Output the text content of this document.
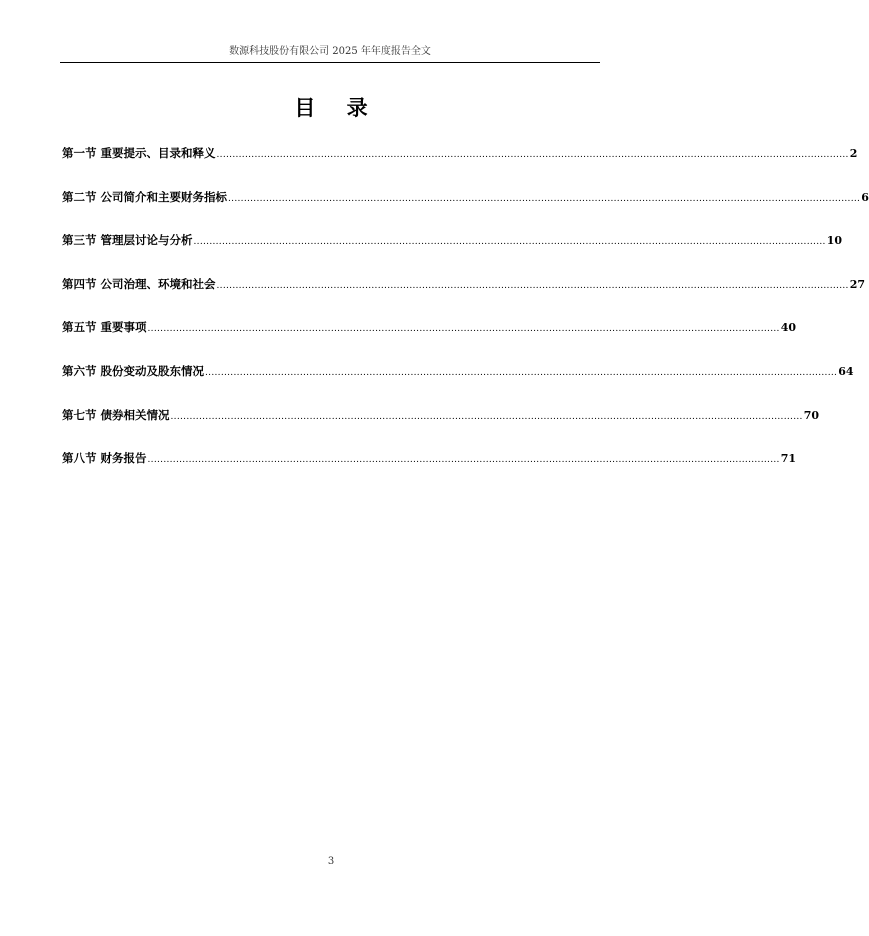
数源科技股份有限公司 2025 年年度报告全文
目 录
第一节 重要提示、目录和释义 ........................................................................................................................................................................................................ 2
第二节 公司简介和主要财务指标 ........................................................................................................................................................................................................ 6
第三节 管理层讨论与分析 ........................................................................................................................................................................................................ 10
第四节 公司治理、环境和社会 ........................................................................................................................................................................................................ 27
第五节 重要事项 ........................................................................................................................................................................................................ 40
第六节 股份变动及股东情况 ........................................................................................................................................................................................................ 64
第七节 债券相关情况 ........................................................................................................................................................................................................ 70
第八节 财务报告 ........................................................................................................................................................................................................ 71
3
